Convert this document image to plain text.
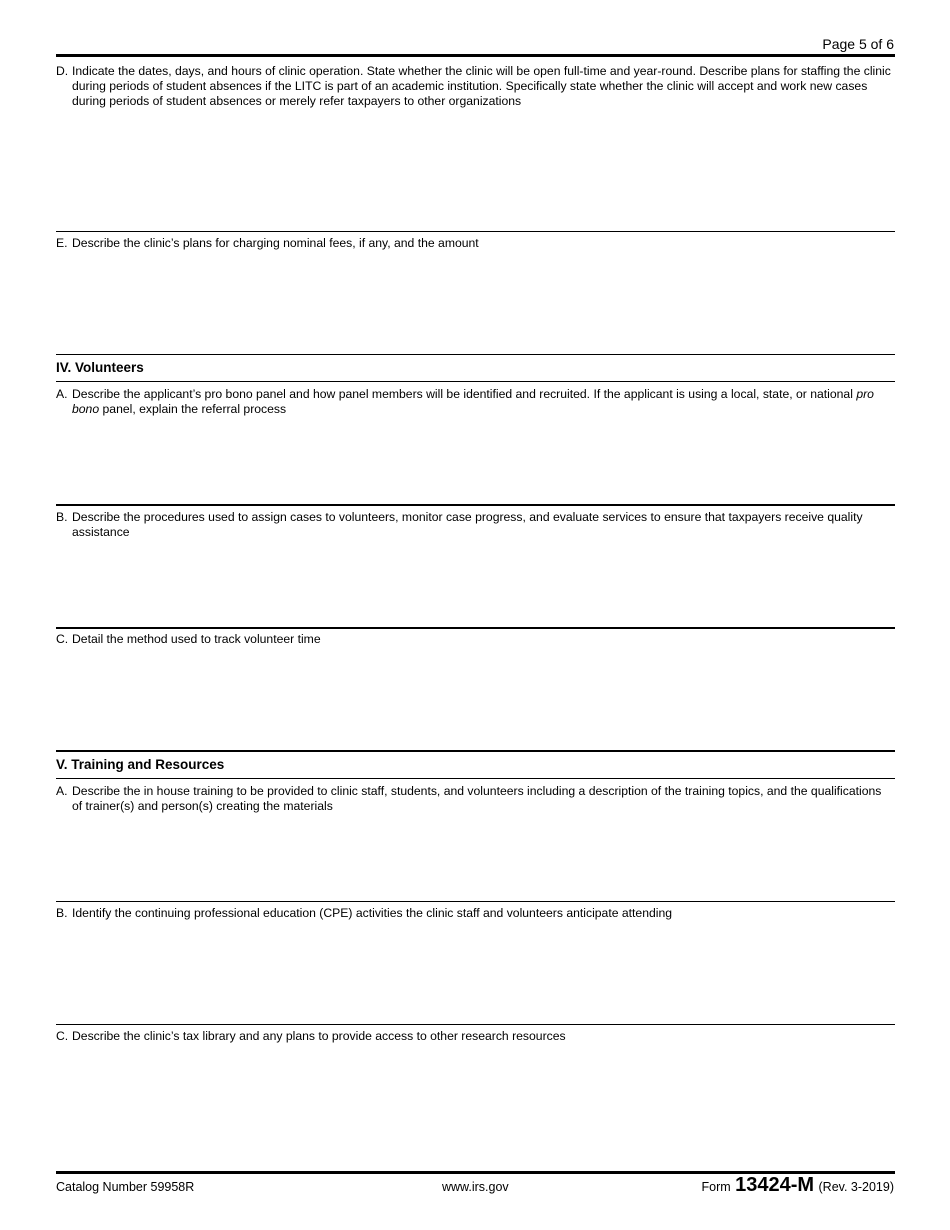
Page 5 of 6
D. Indicate the dates, days, and hours of clinic operation. State whether the clinic will be open full-time and year-round. Describe plans for staffing the clinic during periods of student absences if the LITC is part of an academic institution. Specifically state whether the clinic will accept and work new cases during periods of student absences or merely refer taxpayers to other organizations
E. Describe the clinic’s plans for charging nominal fees, if any, and the amount
IV. Volunteers
A. Describe the applicant’s pro bono panel and how panel members will be identified and recruited. If the applicant is using a local, state, or national pro bono panel, explain the referral process
B. Describe the procedures used to assign cases to volunteers, monitor case progress, and evaluate services to ensure that taxpayers receive quality assistance
C. Detail the method used to track volunteer time
V. Training and Resources
A. Describe the in house training to be provided to clinic staff, students, and volunteers including a description of the training topics, and the qualifications of trainer(s) and person(s) creating the materials
B. Identify the continuing professional education (CPE) activities the clinic staff and volunteers anticipate attending
C. Describe the clinic’s tax library and any plans to provide access to other research resources
Catalog Number 59958R	www.irs.gov	Form 13424-M (Rev. 3-2019)
